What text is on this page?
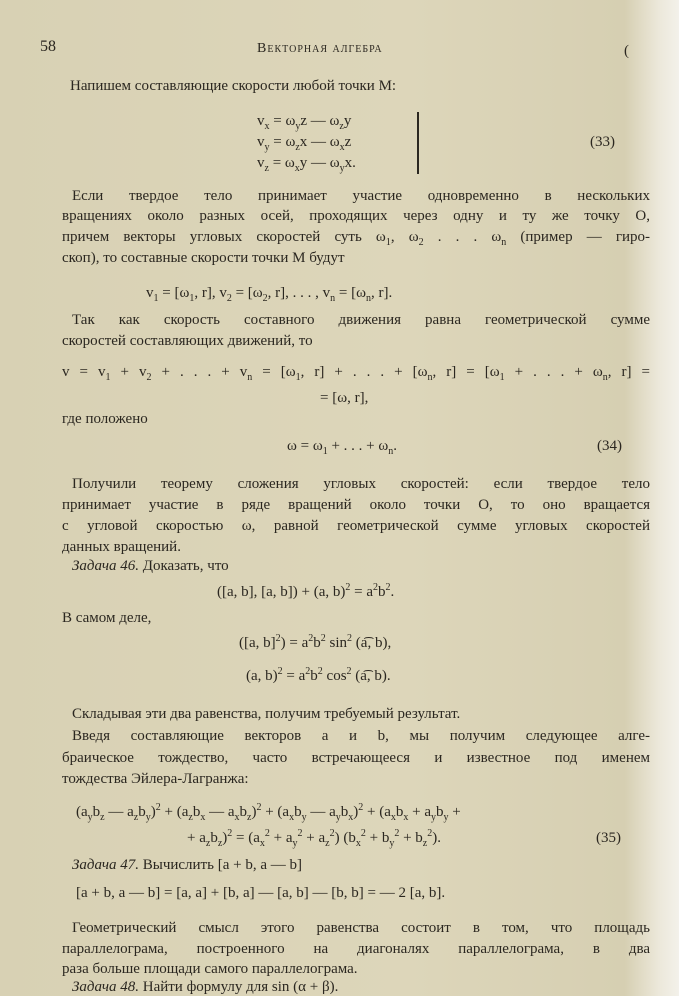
58	Векторная алгебра	(
Напишем составляющие скорости любой точки M:
$v_x = \omega_yz$ — $\omega_zy$
$v_y = \omega_zx$ — $\omega_xz$
$v_z = \omega_xy$ — $\omega_yx$.
(33)
Если твердое тело принимает участие одновременно в нескольких
вращениях около разных осей, проходящих через одну и ту же точку O,
причем векторы угловых скоростей суть $\omega_1$, $\omega_2$ . . . $\omega_n$ (пример — гиро-
скоп), то составные скорости точки M будут
$v_1 = [\omega_1$, r], $v_2 = [\omega_2$, r], . . . , $v_n = [\omega_n$, r].
Так как скорость составного движения равна геометрической сумме
скоростей составляющих движений, то
$v = v_1 + v_2$ + . . . + $v_n = [\omega_1$, r] + . . . + [$\omega_n$, $r] = [\omega_1$ + . . . + $\omega_n$, r] =
= [ω, r],
где положено
$\omega = \omega_1$ + . . . + $\omega_n$.	(34)
Получили теорему сложения угловых скоростей: если твердое тело
принимает участие в ряде вращений около точки O, то оно вращается
с угловой скоростью ω, равной геометрической сумме угловых скоростей
данных вращений.
Задача 46. Доказать, что
([a, b], [a, b]) + (a, $b)^2 = a^2b^2$.
В самом деле,
([a, $b]^2) = a^2b^2$ $\sin^2$ (a͡, b),
(a, $b)^2 = a^2b^2$ $\cos^2$ (a͡, b).
Складывая эти два равенства, получим требуемый результат.
Введя составляющие векторов a и b, мы получим следующее алге-
браическое тождество, часто встречающееся и известное под именем
тождества Эйлера-Лагранжа:
($a_yb_z$ — $a_zb_y)^2 + (a_zb_x$ — $a_xb_z)^2 + (a_xb_y$ — $a_yb_x)^2 + (a_xb_x + a_yb_y$ +
+ $a_zb_z)^2 = (a_x^2 + a_y^2 + a_z^2)$ $(b_x^2 + b_y^2 + b_z^2)$.	(35)
Задача 47. Вычислить [a + b, a — b]
[a + b, a — b] = [a, a] + [b, a] — [a, b] — [b, b] = — 2 [a, b].
Геометрический смысл этого равенства состоит в том, что площадь
параллелограма, построенного на диагоналях параллелограма, в два
раза больше площади самого параллелограма.
Задача 48. Найти формулу для sin (α + β).
